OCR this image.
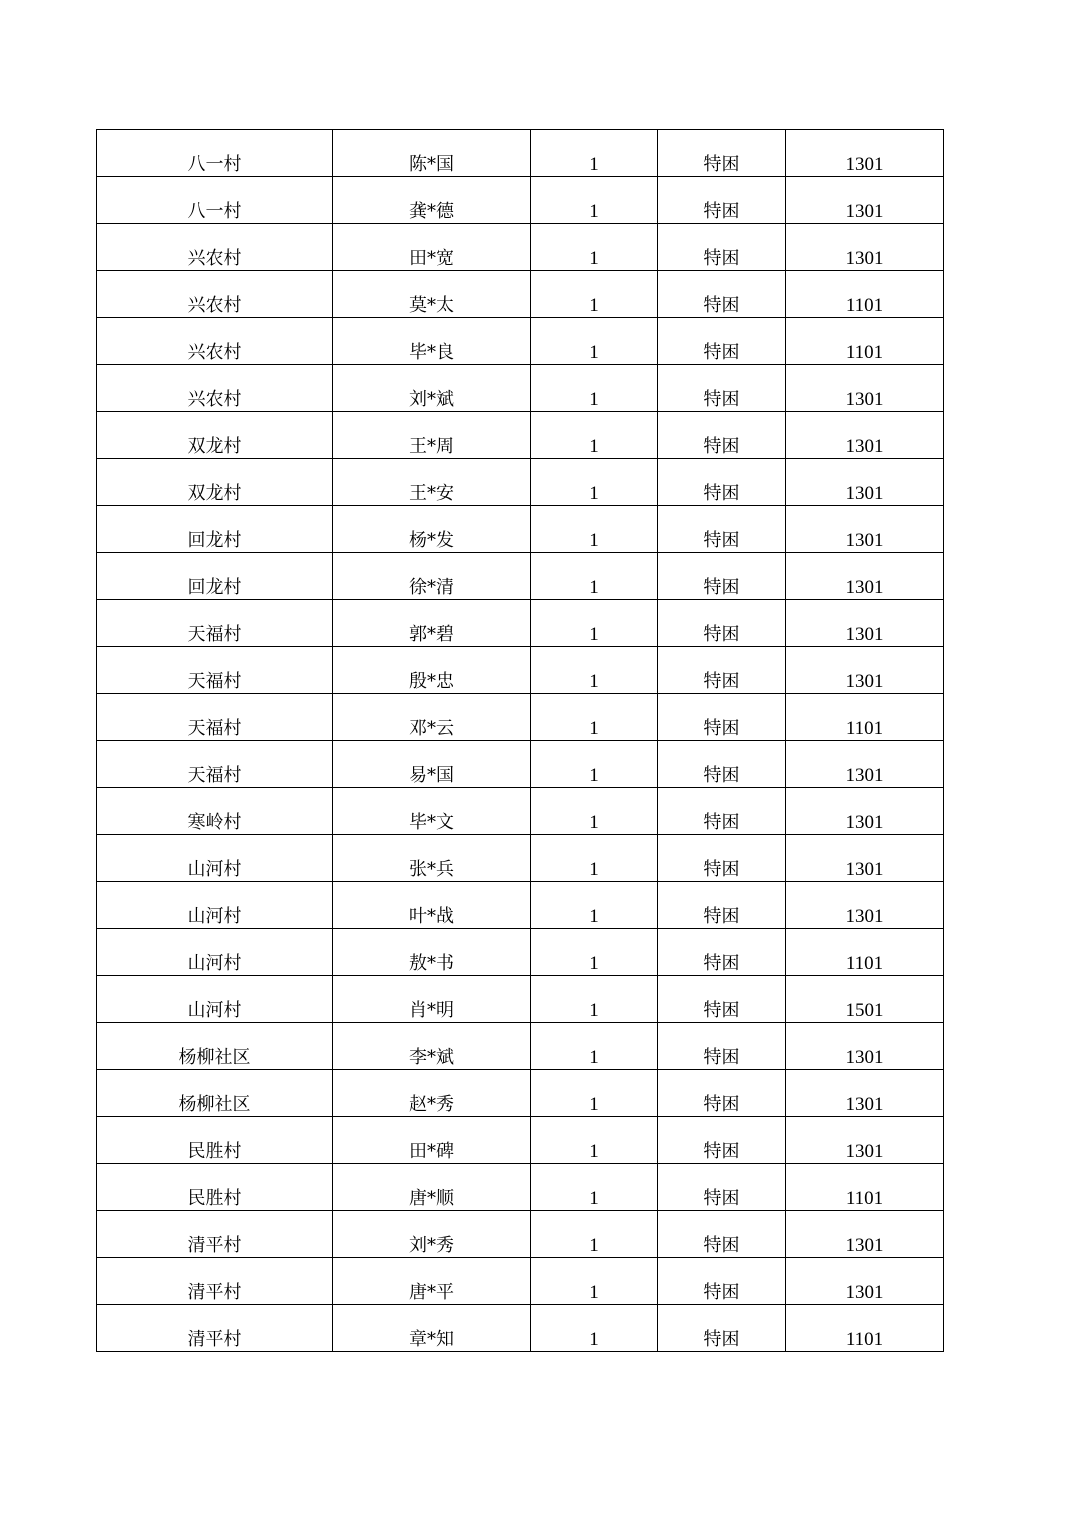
八一村	陈*国	1	特困	1301
八一村	龚*德	1	特困	1301
兴农村	田*宽	1	特困	1301
兴农村	莫*太	1	特困	1101
兴农村	毕*良	1	特困	1101
兴农村	刘*斌	1	特困	1301
双龙村	王*周	1	特困	1301
双龙村	王*安	1	特困	1301
回龙村	杨*发	1	特困	1301
回龙村	徐*清	1	特困	1301
天福村	郭*碧	1	特困	1301
天福村	殷*忠	1	特困	1301
天福村	邓*云	1	特困	1101
天福村	易*国	1	特困	1301
寒岭村	毕*文	1	特困	1301
山河村	张*兵	1	特困	1301
山河村	叶*战	1	特困	1301
山河村	敖*书	1	特困	1101
山河村	肖*明	1	特困	1501
杨柳社区	李*斌	1	特困	1301
杨柳社区	赵*秀	1	特困	1301
民胜村	田*碑	1	特困	1301
民胜村	唐*顺	1	特困	1101
清平村	刘*秀	1	特困	1301
清平村	唐*平	1	特困	1301
清平村	章*知	1	特困	1101
